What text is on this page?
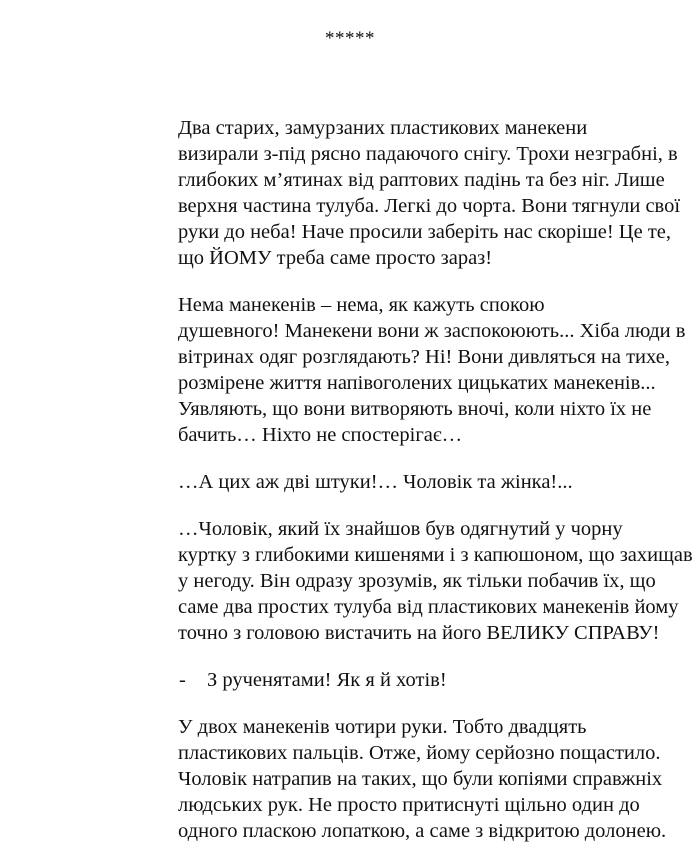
*****

Два старих, замурзаних пластикових манекени
визирали з-під рясно падаючого снігу. Трохи незграбні, в
глибоких м’ятинах від раптових падінь та без ніг. Лише
верхня частина тулуба. Легкі до чорта. Вони тягнули свої
руки до неба! Наче просили заберіть нас скоріше! Це те,
що ЙОМУ треба саме просто зараз!

Нема манекенів – нема, як кажуть спокою
душевного! Манекени вони ж заспокоюють... Хіба люди в
вітринах одяг розглядають? Ні! Вони дивляться на тихе,
розмірене життя напівоголених цицькатих манекенів...
Уявляють, що вони витворяють вночі, коли ніхто їх не
бачить… Ніхто не спостерігає…

…А цих аж дві штуки!… Чоловік та жінка!...

…Чоловік, який їх знайшов був одягнутий у чорну
куртку з глибокими кишенями і з капюшоном, що захищав
у негоду. Він одразу зрозумів, як тільки побачив їх, що
саме два простих тулуба від пластикових манекенів йому
точно з головою вистачить на його ВЕЛИКУ СПРАВУ!

- З рученятами! Як я й хотів!

У двох манекенів чотири руки. Тобто двадцять
пластикових пальців. Отже, йому серйозно пощастило.
Чоловік натрапив на таких, що були копіями справжніх
людських рук. Не просто притиснуті щільно один до
одного пласкою лопаткою, а саме з відкритою долонею.
